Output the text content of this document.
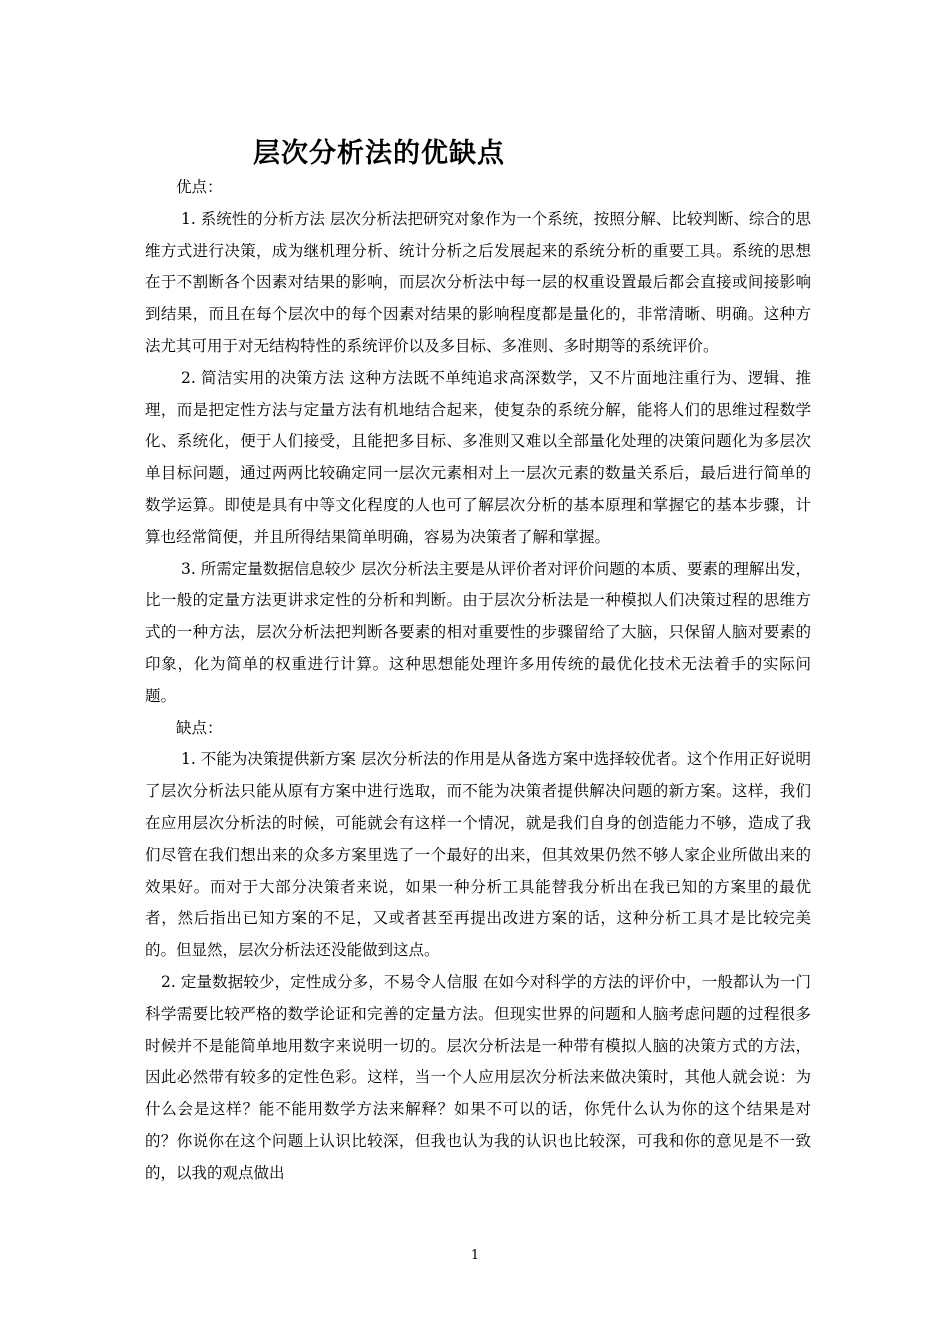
层次分析法的优缺点

优点：

1. 系统性的分析方法 层次分析法把研究对象作为一个系统，按照分解、比较判断、综合的思维方式进行决策，成为继机理分析、统计分析之后发展起来的系统分析的重要工具。系统的思想在于不割断各个因素对结果的影响，而层次分析法中每一层的权重设置最后都会直接或间接影响到结果，而且在每个层次中的每个因素对结果的影响程度都是量化的，非常清晰、明确。这种方法尤其可用于对无结构特性的系统评价以及多目标、多准则、多时期等的系统评价。

2. 简洁实用的决策方法 这种方法既不单纯追求高深数学，又不片面地注重行为、逻辑、推理，而是把定性方法与定量方法有机地结合起来，使复杂的系统分解，能将人们的思维过程数学化、系统化，便于人们接受，且能把多目标、多准则又难以全部量化处理的决策问题化为多层次单目标问题，通过两两比较确定同一层次元素相对上一层次元素的数量关系后，最后进行简单的数学运算。即使是具有中等文化程度的人也可了解层次分析的基本原理和掌握它的基本步骤，计算也经常简便，并且所得结果简单明确，容易为决策者了解和掌握。

3. 所需定量数据信息较少 层次分析法主要是从评价者对评价问题的本质、要素的理解出发，比一般的定量方法更讲求定性的分析和判断。由于层次分析法是一种模拟人们决策过程的思维方式的一种方法，层次分析法把判断各要素的相对重要性的步骤留给了大脑，只保留人脑对要素的印象，化为简单的权重进行计算。这种思想能处理许多用传统的最优化技术无法着手的实际问题。

缺点：

1. 不能为决策提供新方案 层次分析法的作用是从备选方案中选择较优者。这个作用正好说明了层次分析法只能从原有方案中进行选取，而不能为决策者提供解决问题的新方案。这样，我们在应用层次分析法的时候，可能就会有这样一个情况，就是我们自身的创造能力不够，造成了我们尽管在我们想出来的众多方案里选了一个最好的出来，但其效果仍然不够人家企业所做出来的效果好。而对于大部分决策者来说，如果一种分析工具能替我分析出在我已知的方案里的最优者，然后指出已知方案的不足，又或者甚至再提出改进方案的话，这种分析工具才是比较完美的。但显然，层次分析法还没能做到这点。

2. 定量数据较少，定性成分多，不易令人信服 在如今对科学的方法的评价中，一般都认为一门科学需要比较严格的数学论证和完善的定量方法。但现实世界的问题和人脑考虑问题的过程很多时候并不是能简单地用数字来说明一切的。层次分析法是一种带有模拟人脑的决策方式的方法，因此必然带有较多的定性色彩。这样，当一个人应用层次分析法来做决策时，其他人就会说：为什么会是这样？能不能用数学方法来解释？如果不可以的话，你凭什么认为你的这个结果是对的？你说你在这个问题上认识比较深，但我也认为我的认识也比较深，可我和你的意见是不一致的，以我的观点做出

1
